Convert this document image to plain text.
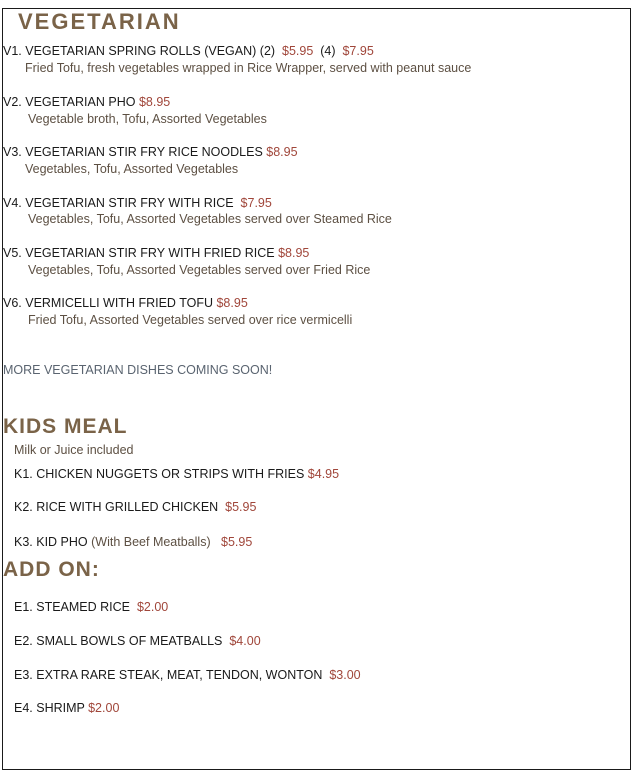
VEGETARIAN
V1. VEGETARIAN SPRING ROLLS (VEGAN) (2) $5.95 (4) $7.95
Fried Tofu, fresh vegetables wrapped in Rice Wrapper, served with peanut sauce
V2. VEGETARIAN PHO $8.95
Vegetable broth, Tofu, Assorted Vegetables
V3. VEGETARIAN STIR FRY RICE NOODLES $8.95
Vegetables, Tofu, Assorted Vegetables
V4. VEGETARIAN STIR FRY WITH RICE $7.95
Vegetables, Tofu, Assorted Vegetables served over Steamed Rice
V5. VEGETARIAN STIR FRY WITH FRIED RICE $8.95
Vegetables, Tofu, Assorted Vegetables served over Fried Rice
V6. VERMICELLI WITH FRIED TOFU $8.95
Fried Tofu, Assorted Vegetables served over rice vermicelli
MORE VEGETARIAN DISHES COMING SOON!
KIDS MEAL
Milk or Juice included
K1. CHICKEN NUGGETS OR STRIPS WITH FRIES $4.95
K2. RICE WITH GRILLED CHICKEN $5.95
K3. KID PHO (With Beef Meatballs) $5.95
ADD ON:
E1. STEAMED RICE $2.00
E2. SMALL BOWLS OF MEATBALLS $4.00
E3. EXTRA RARE STEAK, MEAT, TENDON, WONTON $3.00
E4. SHRIMP $2.00
